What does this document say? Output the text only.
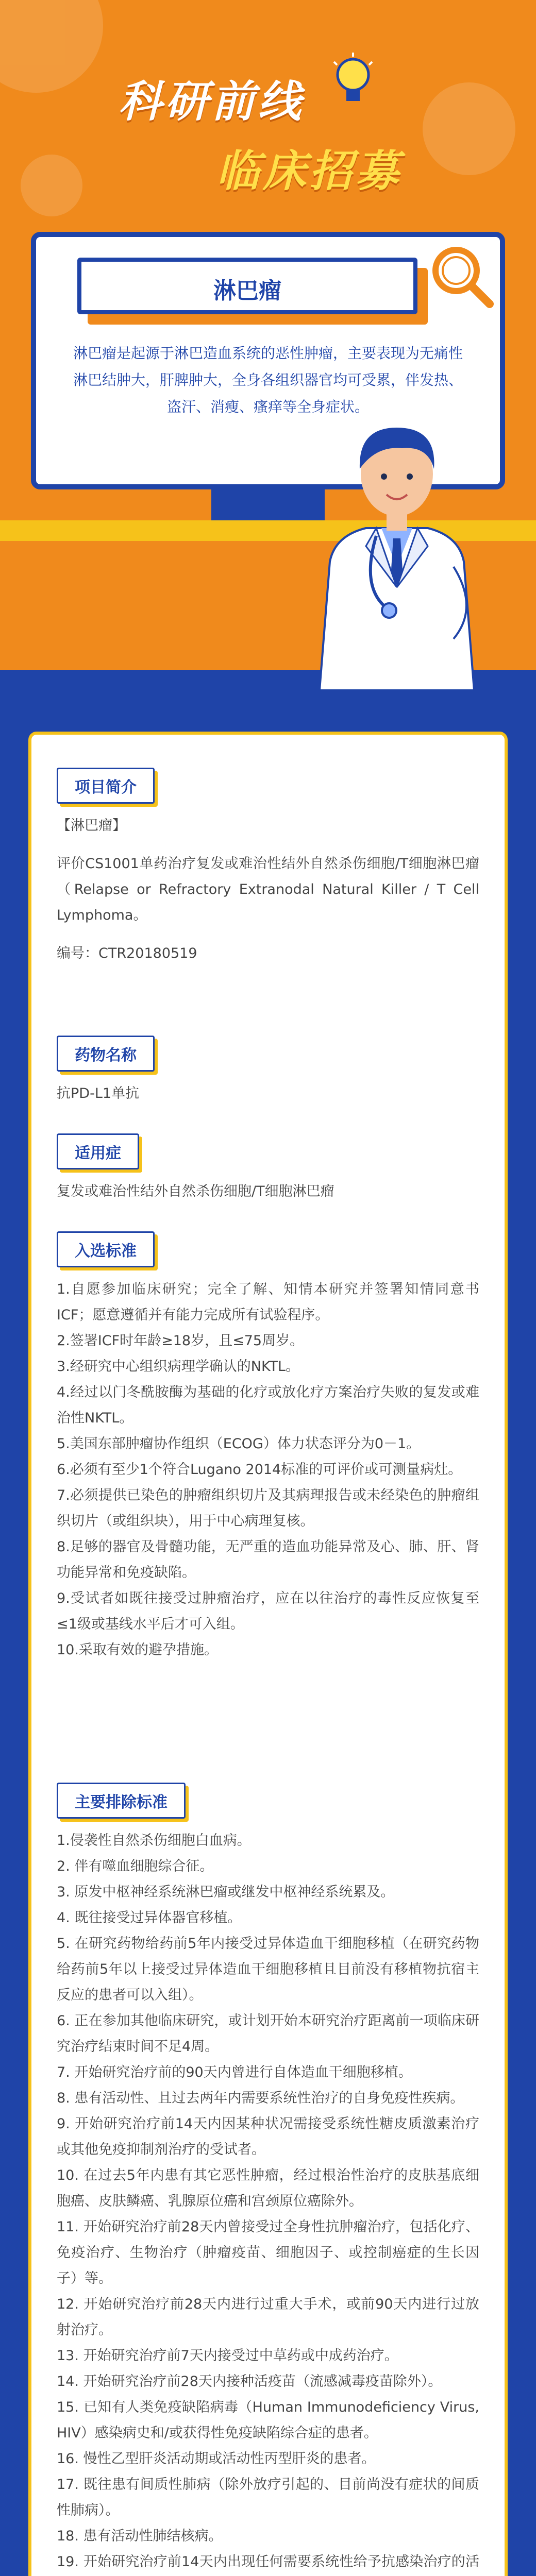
科研前线
临床招募
淋巴瘤
淋巴瘤是起源于淋巴造血系统的恶性肿瘤，主要表现为无痛性淋巴结肿大，肝脾肿大，全身各组织器官均可受累，伴发热、盗汗、消瘦、瘙痒等全身症状。
项目简介

【淋巴瘤】

评价CS1001单药治疗复发或难治性结外自然杀伤细胞/T细胞淋巴瘤（Relapse or Refractory Extranodal Natural Killer / T Cell Lymphoma。

编号：CTR20180519

药物名称

抗PD-L1单抗

适用症

复发或难治性结外自然杀伤细胞/T细胞淋巴瘤

入选标准

1.自愿参加临床研究；完全了解、知情本研究并签署知情同意书ICF；愿意遵循并有能力完成所有试验程序。

2.签署ICF时年龄≥18岁，且≤75周岁。

3.经研究中心组织病理学确认的NKTL。

4.经过以门冬酰胺酶为基础的化疗或放化疗方案治疗失败的复发或难治性NKTL。

5.美国东部肿瘤协作组织（ECOG）体力状态评分为0－1。

6.必须有至少1个符合Lugano 2014标准的可评价或可测量病灶。

7.必须提供已染色的肿瘤组织切片及其病理报告或未经染色的肿瘤组织切片（或组织块），用于中心病理复核。

8.足够的器官及骨髓功能，无严重的造血功能异常及心、肺、肝、肾功能异常和免疫缺陷。

9.受试者如既往接受过肿瘤治疗，应在以往治疗的毒性反应恢复至≤1级或基线水平后才可入组。

10.采取有效的避孕措施。

主要排除标准

1.侵袭性自然杀伤细胞白血病。

2. 伴有噬血细胞综合征。

3. 原发中枢神经系统淋巴瘤或继发中枢神经系统累及。

4. 既往接受过异体器官移植。

5. 在研究药物给药前5年内接受过异体造血干细胞移植（在研究药物给药前5年以上接受过异体造血干细胞移植且目前没有移植物抗宿主反应的患者可以入组）。

6. 正在参加其他临床研究，或计划开始本研究治疗距离前一项临床研究治疗结束时间不足4周。

7. 开始研究治疗前的90天内曾进行自体造血干细胞移植。

8. 患有活动性、且过去两年内需要系统性治疗的自身免疫性疾病。

9. 开始研究治疗前14天内因某种状况需接受系统性糖皮质激素治疗或其他免疫抑制剂治疗的受试者。

10. 在过去5年内患有其它恶性肿瘤，经过根治性治疗的皮肤基底细胞癌、皮肤鳞癌、乳腺原位癌和宫颈原位癌除外。

11. 开始研究治疗前28天内曾接受过全身性抗肿瘤治疗，包括化疗、免疫治疗、生物治疗（肿瘤疫苗、细胞因子、或控制癌症的生长因子）等。

12. 开始研究治疗前28天内进行过重大手术，或前90天内进行过放射治疗。

13. 开始研究治疗前7天内接受过中草药或中成药治疗。

14. 开始研究治疗前28天内接种活疫苗（流感减毒疫苗除外）。

15. 已知有人类免疫缺陷病毒（Human Immunodeficiency Virus, HIV）感染病史和/或获得性免疫缺陷综合症的患者。

16. 慢性乙型肝炎活动期或活动性丙型肝炎的患者。

17. 既往患有间质性肺病（除外放疗引起的、目前尚没有症状的间质性肺病）。

18. 患有活动性肺结核病。

19. 开始研究治疗前14天内出现任何需要系统性给予抗感染治疗的活
